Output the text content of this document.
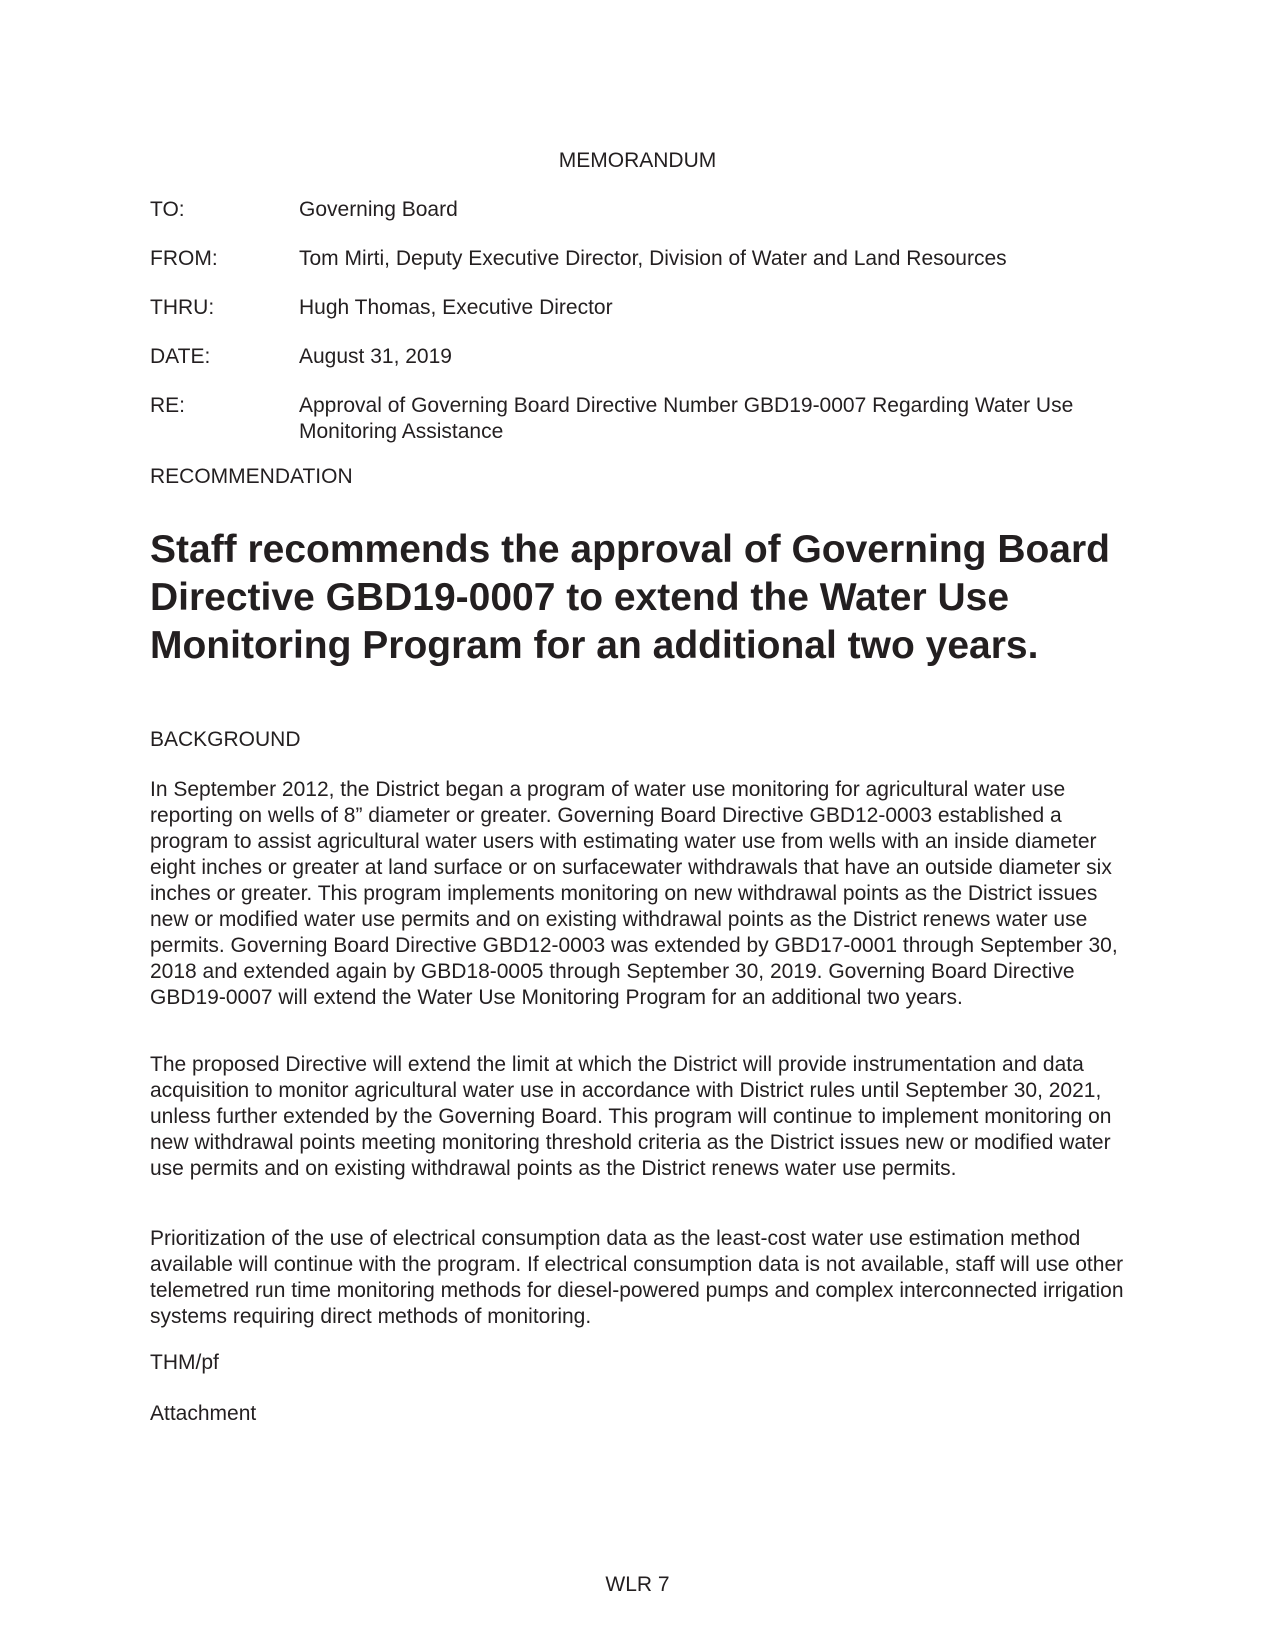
MEMORANDUM
TO:	Governing Board
FROM:	Tom Mirti, Deputy Executive Director, Division of Water and Land Resources
THRU:	Hugh Thomas, Executive Director
DATE:	August 31, 2019
RE:	Approval of Governing Board Directive Number GBD19-0007 Regarding Water Use Monitoring Assistance
RECOMMENDATION

Staff recommends the approval of Governing Board Directive GBD19-0007 to extend the Water Use Monitoring Program for an additional two years.

BACKGROUND

In September 2012, the District began a program of water use monitoring for agricultural water use reporting on wells of 8” diameter or greater. Governing Board Directive GBD12-0003 established a program to assist agricultural water users with estimating water use from wells with an inside diameter eight inches or greater at land surface or on surfacewater withdrawals that have an outside diameter six inches or greater. This program implements monitoring on new withdrawal points as the District issues new or modified water use permits and on existing withdrawal points as the District renews water use permits. Governing Board Directive GBD12-0003 was extended by GBD17-0001 through September 30, 2018 and extended again by GBD18-0005 through September 30, 2019. Governing Board Directive GBD19-0007 will extend the Water Use Monitoring Program for an additional two years.

The proposed Directive will extend the limit at which the District will provide instrumentation and data acquisition to monitor agricultural water use in accordance with District rules until September 30, 2021, unless further extended by the Governing Board. This program will continue to implement monitoring on new withdrawal points meeting monitoring threshold criteria as the District issues new or modified water use permits and on existing withdrawal points as the District renews water use permits.

Prioritization of the use of electrical consumption data as the least-cost water use estimation method available will continue with the program. If electrical consumption data is not available, staff will use other telemetred run time monitoring methods for diesel-powered pumps and complex interconnected irrigation systems requiring direct methods of monitoring.

THM/pf
Attachment
WLR 7
